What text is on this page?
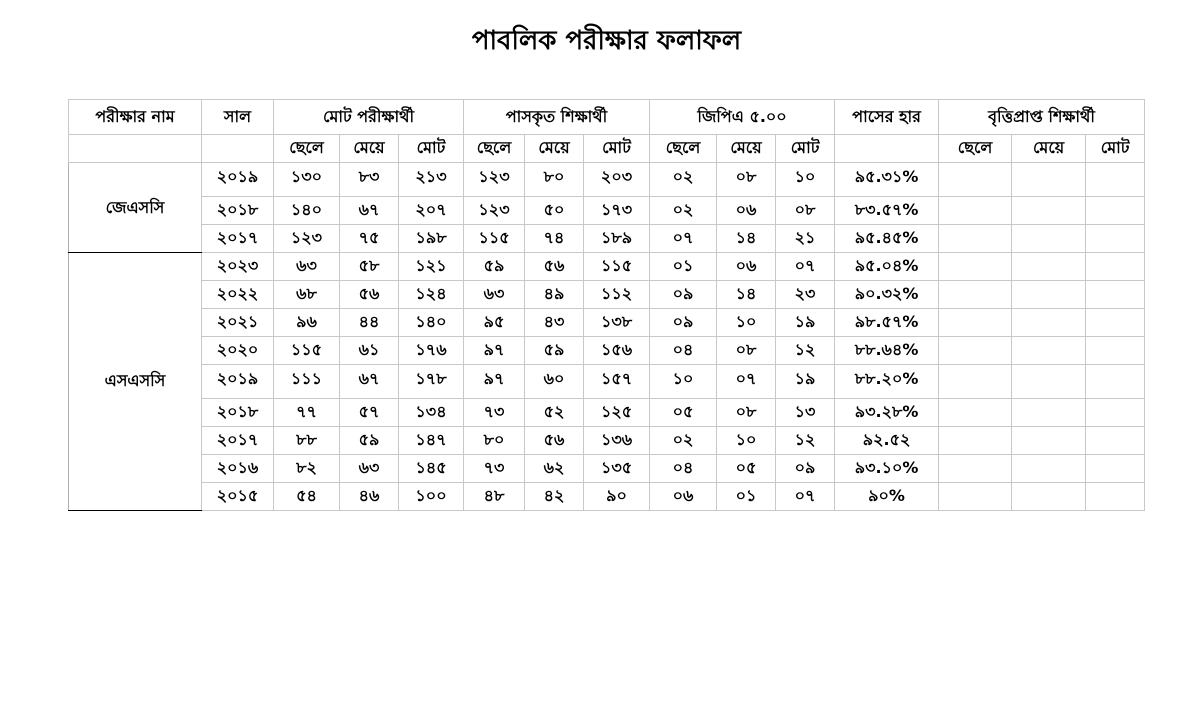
পাবলিক পরীক্ষার ফলাফল
পরীক্ষার নাম	সাল	মোট পরীক্ষার্থী			পাসকৃত শিক্ষার্থী			জিপিএ ৫.০০			পাসের হার	বৃত্তিপ্রাপ্ত শিক্ষার্থী		
		ছেলে	মেয়ে	মোট	ছেলে	মেয়ে	মোট	ছেলে	মেয়ে	মোট		ছেলে	মেয়ে	মোট
জেএসসি	২০১৯	১৩০	৮৩	২১৩	১২৩	৮০	২০৩	০২	০৮	১০	৯৫.৩১%			
	২০১৮	১৪০	৬৭	২০৭	১২৩	৫০	১৭৩	০২	০৬	০৮	৮৩.৫৭%			
	২০১৭	১২৩	৭৫	১৯৮	১১৫	৭৪	১৮৯	০৭	১৪	২১	৯৫.৪৫%			
এসএসসি	২০২৩	৬৩	৫৮	১২১	৫৯	৫৬	১১৫	০১	০৬	০৭	৯৫.০৪%			
	২০২২	৬৮	৫৬	১২৪	৬৩	৪৯	১১২	০৯	১৪	২৩	৯০.৩২%			
	২০২১	৯৬	৪৪	১৪০	৯৫	৪৩	১৩৮	০৯	১০	১৯	৯৮.৫৭%			
	২০২০	১১৫	৬১	১৭৬	৯৭	৫৯	১৫৬	০৪	০৮	১২	৮৮.৬৪%			
	২০১৯	১১১	৬৭	১৭৮	৯৭	৬০	১৫৭	১০	০৭	১৯	৮৮.২০%			
	২০১৮	৭৭	৫৭	১৩৪	৭৩	৫২	১২৫	০৫	০৮	১৩	৯৩.২৮%			
	২০১৭	৮৮	৫৯	১৪৭	৮০	৫৬	১৩৬	০২	১০	১২	৯২.৫২			
	২০১৬	৮২	৬৩	১৪৫	৭৩	৬২	১৩৫	০৪	০৫	০৯	৯৩.১০%			
	২০১৫	৫৪	৪৬	১০০	৪৮	৪২	৯০	০৬	০১	০৭	৯০%			
